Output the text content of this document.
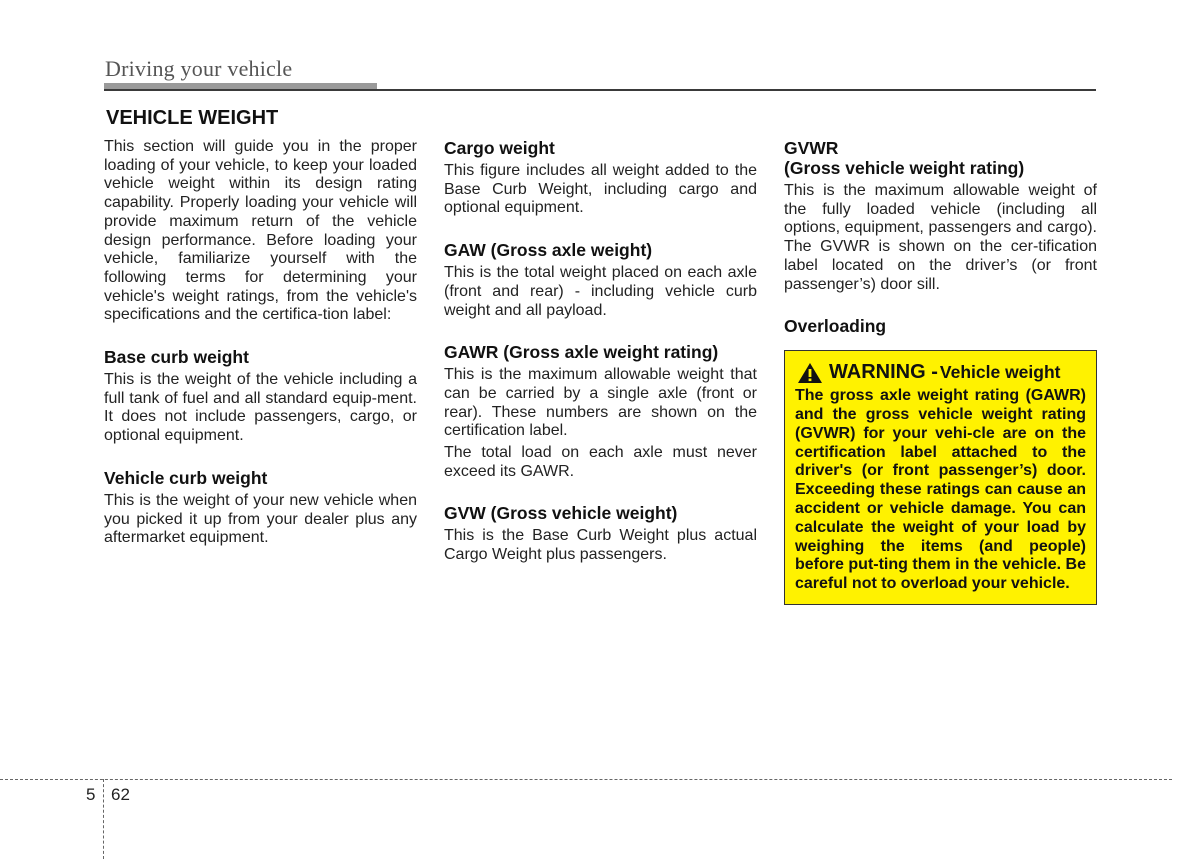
Driving your vehicle
VEHICLE WEIGHT

This section will guide you in the proper loading of your vehicle, to keep your loaded vehicle weight within its design rating capability. Properly loading your vehicle will provide maximum return of the vehicle design performance. Before loading your vehicle, familiarize yourself with the following terms for determining your vehicle's weight ratings, from the vehicle's specifications and the certifica-tion label:

Base curb weight

This is the weight of the vehicle including a full tank of fuel and all standard equip-ment. It does not include passengers, cargo, or optional equipment.

Vehicle curb weight

This is the weight of your new vehicle when you picked it up from your dealer plus any aftermarket equipment.

Cargo weight

This figure includes all weight added to the Base Curb Weight, including cargo and optional equipment.

GAW (Gross axle weight)

This is the total weight placed on each axle (front and rear) - including vehicle curb weight and all payload.

GAWR (Gross axle weight rating)

This is the maximum allowable weight that can be carried by a single axle (front or rear). These numbers are shown on the certification label.

The total load on each axle must never exceed its GAWR.

GVW (Gross vehicle weight)

This is the Base Curb Weight plus actual Cargo Weight plus passengers.

GVWR
(Gross vehicle weight rating)

This is the maximum allowable weight of the fully loaded vehicle (including all options, equipment, passengers and cargo). The GVWR is shown on the cer-tification label located on the driver’s (or front passenger’s) door sill.

Overloading
WARNING - Vehicle weight

The gross axle weight rating (GAWR) and the gross vehicle weight rating (GVWR) for your vehi-cle are on the certification label attached to the driver's (or front passenger’s) door. Exceeding these ratings can cause an accident or vehicle damage. You can calculate the weight of your load by weighing the items (and people) before put-ting them in the vehicle. Be careful not to overload your vehicle.

5 62
